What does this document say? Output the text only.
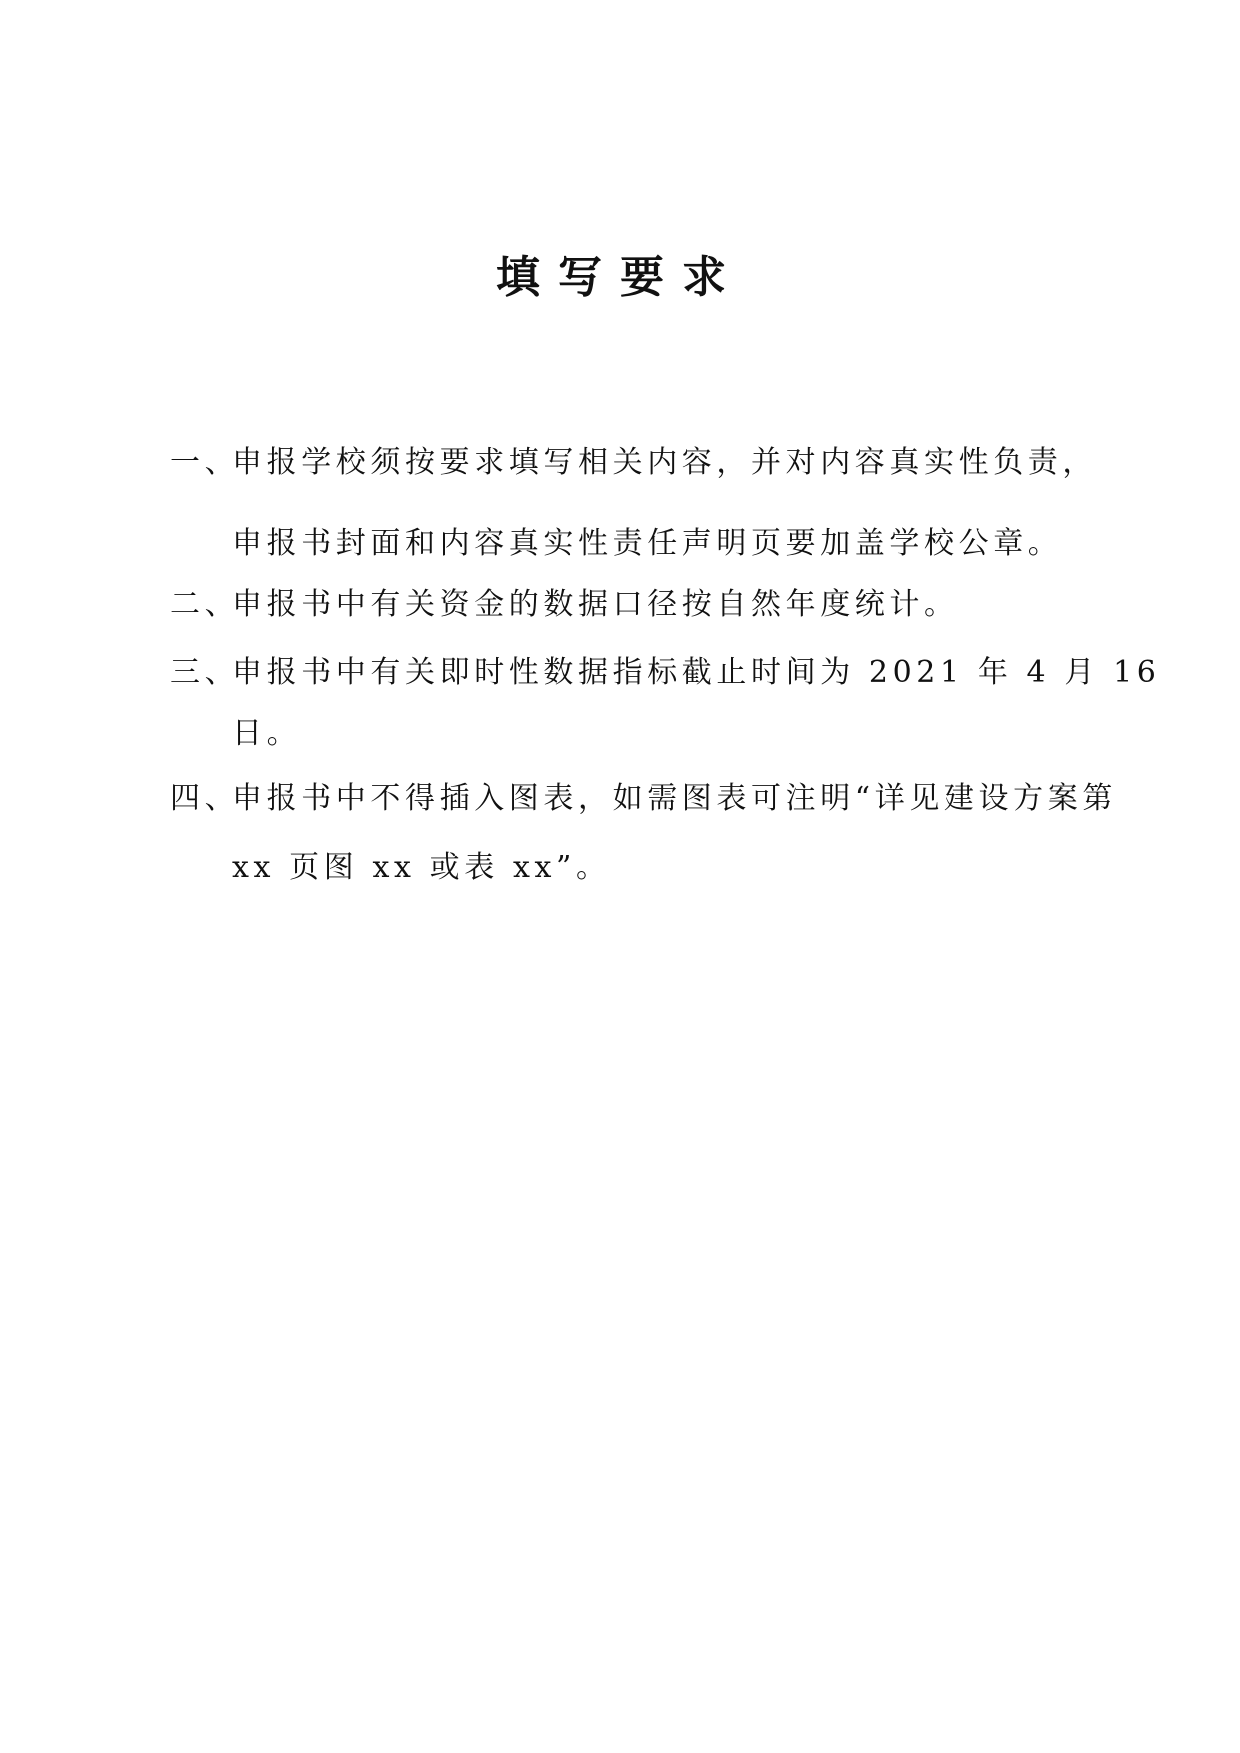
填写要求
一、
申报学校须按要求填写相关内容，并对内容真实性负责，
申报书封面和内容真实性责任声明页要加盖学校公章。
二、
申报书中有关资金的数据口径按自然年度统计。
三、
申报书中有关即时性数据指标截止时间为 2021 年 4 月 16
日。
四、
申报书中不得插入图表，如需图表可注明“详见建设方案第
xx 页图 xx 或表 xx”。
